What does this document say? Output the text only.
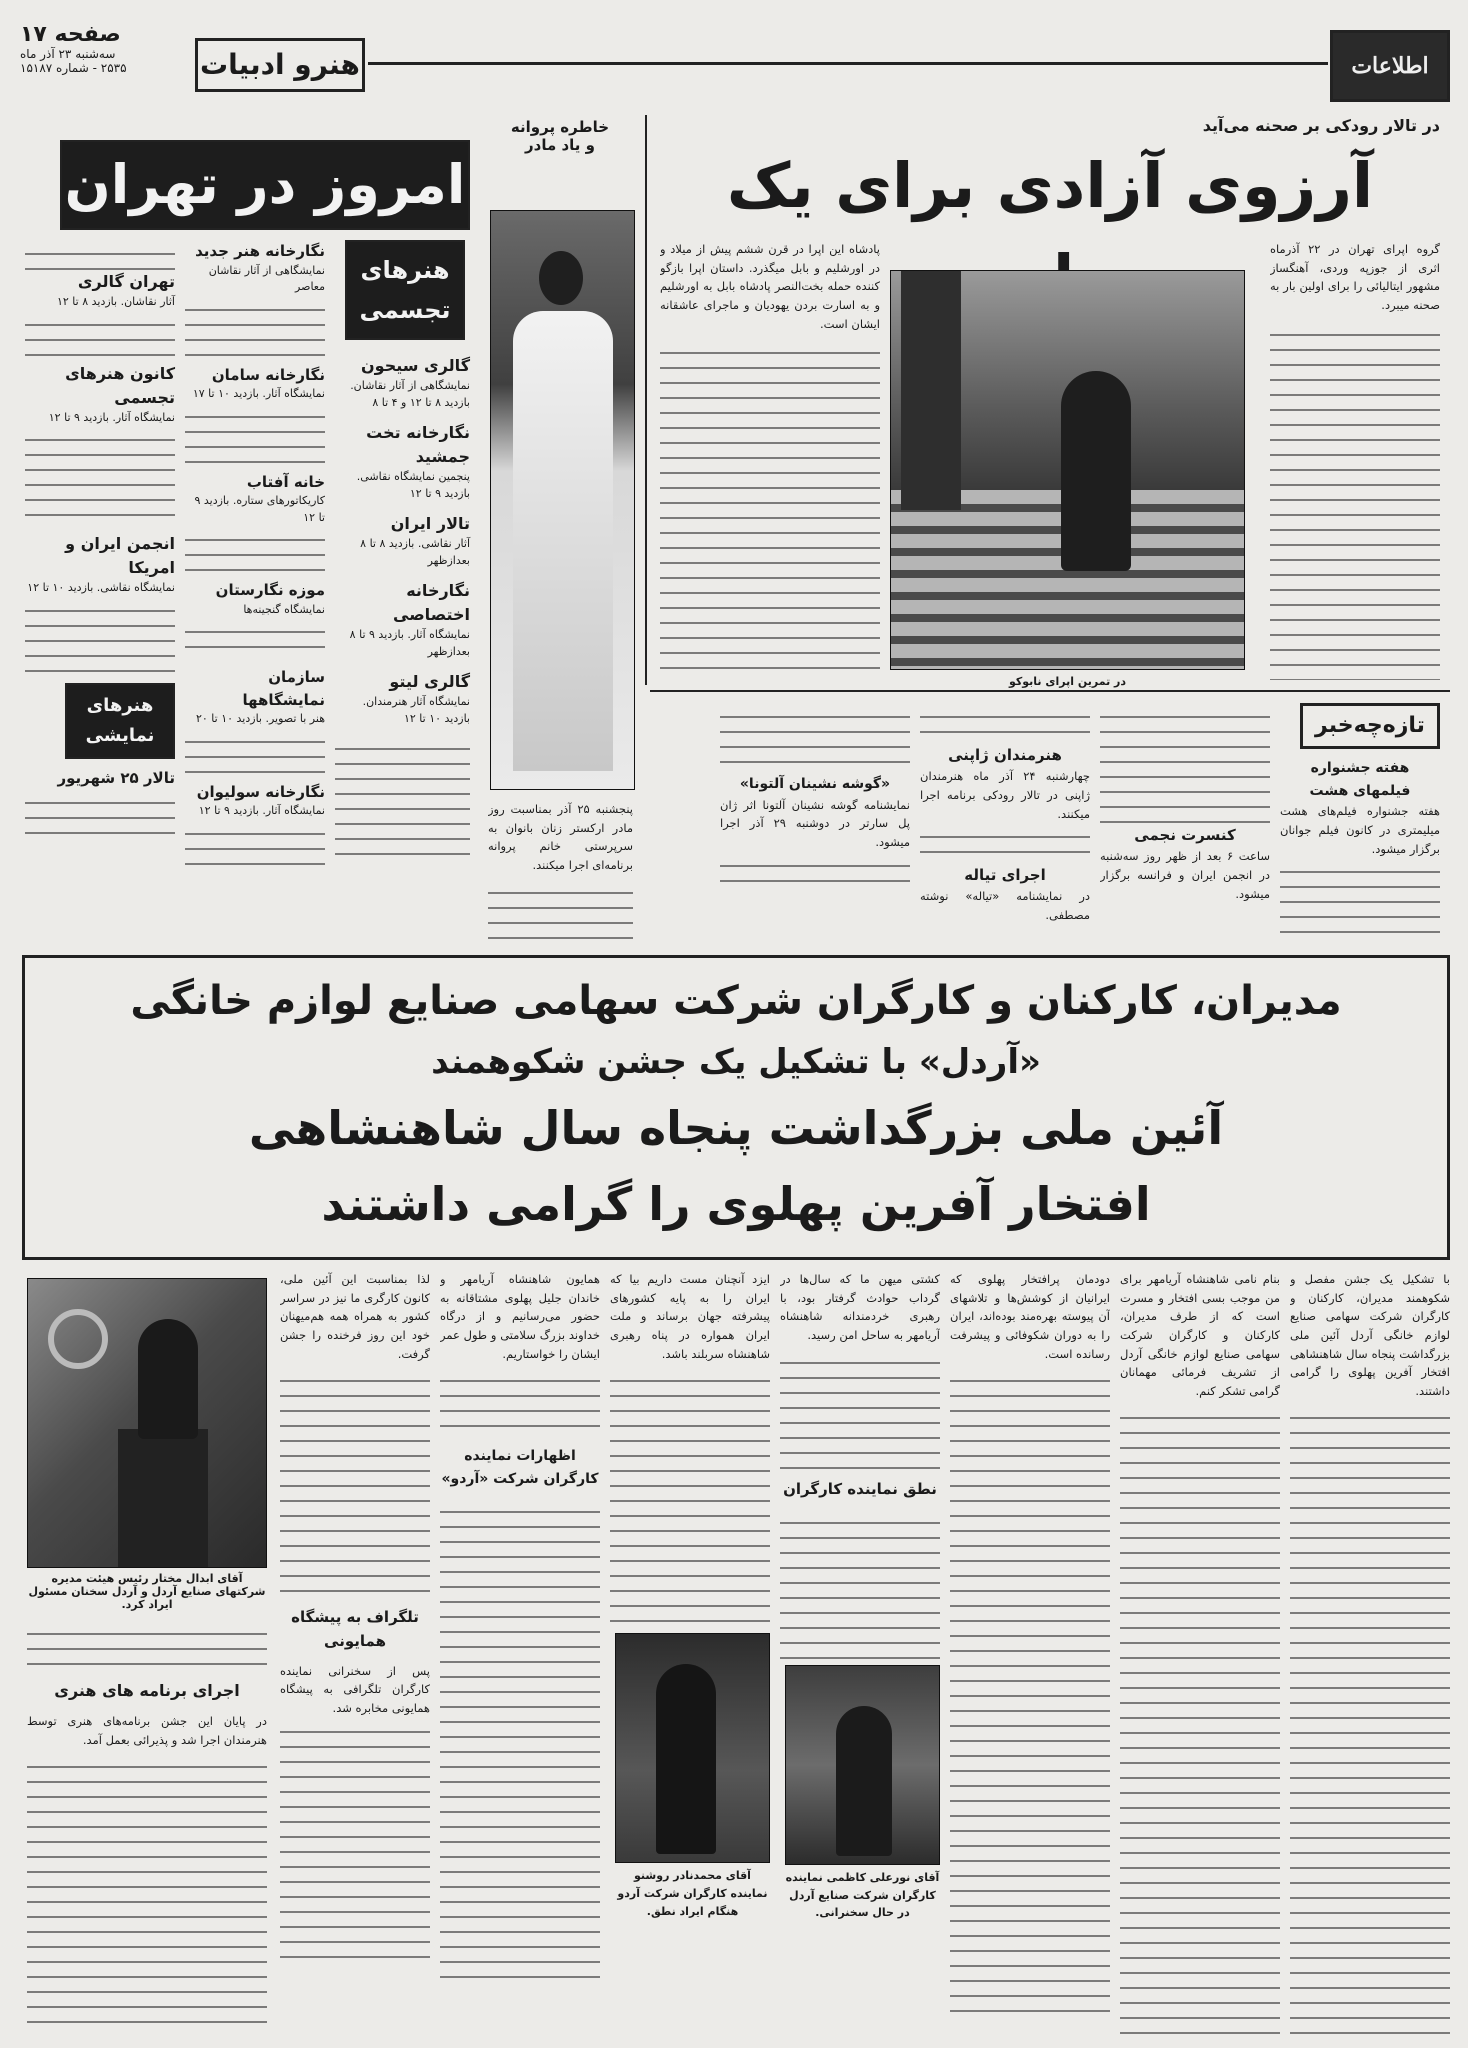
صفحه ۱۷
سه‌شنبه ۲۳ آذر ماه
۲۵۳۵ - شماره ۱۵۱۸۷	هنرو ادبیات	اطلاعات
در تالار رودکی بر صحنه می‌آید
آرزوی آزادی برای یک
گروه اپرای تهران در ۲۲ آذرماه اثری از جوزپه وردی، آهنگساز مشهور ایتالیائی را برای اولین بار به صحنه میبرد.
در تمرین اپرای نابوکو
پادشاه این اپرا در قرن ششم پیش از میلاد و در اورشلیم و بابل میگذرد. داستان اپرا بازگو کننده حمله بخت‌النصر پادشاه بابل به اورشلیم و به اسارت بردن یهودیان و ماجرای عاشقانه ایشان است.
خاطره پروانه
و یاد مادر
پنجشنبه ۲۵ آذر بمناسبت روز مادر ارکستر زنان بانوان به سرپرستی خانم پروانه برنامه‌ای اجرا میکنند.
امروز در تهران
هنرهای تجسمی
گالری سیحون
نمایشگاهی از آثار نقاشان. بازدید ۸ تا ۱۲ و ۴ تا ۸
نگارخانه تخت جمشید
پنجمین نمایشگاه نقاشی. بازدید ۹ تا ۱۲
تالار ایران
آثار نقاشی. بازدید ۸ تا ۸ بعدازظهر
نگارخانه اختصاصی
نمایشگاه آثار. بازدید ۹ تا ۸ بعدازظهر
گالری لیتو
نمایشگاه آثار هنرمندان. بازدید ۱۰ تا ۱۲
نگارخانه هنر جدید
نمایشگاهی از آثار نقاشان معاصر
نگارخانه سامان
نمایشگاه آثار. بازدید ۱۰ تا ۱۷
خانه آفتاب
کاریکاتورهای ستاره. بازدید ۹ تا ۱۲
موزه نگارستان
نمایشگاه گنجینه‌ها
سازمان نمایشگاهها
هنر با تصویر. بازدید ۱۰ تا ۲۰
نگارخانه سولیوان
نمایشگاه آثار. بازدید ۹ تا ۱۲
تهران گالری
آثار نقاشان. بازدید ۸ تا ۱۲
کانون هنرهای تجسمی
نمایشگاه آثار. بازدید ۹ تا ۱۲
انجمن ایران و امریکا
نمایشگاه نقاشی. بازدید ۱۰ تا ۱۲
هنرهای نمایشی
تالار ۲۵ شهریور
تازه‌چه‌خبر
هفته جشنواره فیلمهای هشت
هفته جشنواره فیلم‌های هشت میلیمتری در کانون فیلم جوانان برگزار میشود.
کنسرت نجمی
ساعت ۶ بعد از ظهر روز سه‌شنبه در انجمن ایران و فرانسه برگزار میشود.
هنرمندان ژاپنی
چهارشنبه ۲۴ آذر ماه هنرمندان ژاپنی در تالار رودکی برنامه اجرا میکنند.
اجرای تیاله
در نمایشنامه «تیاله» نوشته مصطفی.
«گوشه نشینان آلتونا»
نمایشنامه گوشه نشینان آلتونا اثر ژان پل سارتر در دوشنبه ۲۹ آذر اجرا میشود.
مدیران، کارکنان و کارگران شرکت سهامی صنایع لوازم خانگی
«آردل» با تشکیل یک جشن شکوهمند
آئین ملی بزرگداشت پنجاه سال شاهنشاهی
افتخار آفرین پهلوی را گرامی داشتند
با تشکیل یک جشن مفصل و شکوهمند مدیران، کارکنان و کارگران شرکت سهامی صنایع لوازم خانگی آردل آئین ملی بزرگداشت پنجاه سال شاهنشاهی افتخار آفرین پهلوی را گرامی داشتند.
بنام نامی شاهنشاه آریامهر برای من موجب بسی افتخار و مسرت است که از طرف مدیران، کارکنان و کارگران شرکت سهامی صنایع لوازم خانگی آردل از تشریف فرمائی مهمانان گرامی تشکر کنم.
دودمان پرافتخار پهلوی که ایرانیان از کوشش‌ها و تلاشهای آن پیوسته بهره‌مند بوده‌اند، ایران را به دوران شکوفائی و پیشرفت رسانده است.
کشتی میهن ما که سال‌ها در گرداب حوادث گرفتار بود، با رهبری خردمندانه شاهنشاه آریامهر به ساحل امن رسید.
نطق نماینده کارگران
آقای نورعلی کاظمی نماینده کارگران شرکت صنایع آردل در حال سخنرانی.
ایزد آنچنان مست داریم بیا که ایران را به پایه کشورهای پیشرفته جهان برساند و ملت ایران همواره در پناه رهبری شاهنشاه سربلند باشد.
آقای محمدنادر روشنو نماینده کارگران شرکت آردو هنگام ایراد نطق.
همایون شاهنشاه آریامهر و خاندان جلیل پهلوی مشتاقانه به حضور می‌رسانیم و از درگاه خداوند بزرگ سلامتی و طول عمر ایشان را خواستاریم.
اظهارات نماینده کارگران شرکت «آردو»
لذا بمناسبت این آئین ملی، کانون کارگری ما نیز در سراسر کشور به همراه همه هم‌میهنان خود این روز فرخنده را جشن گرفت.
تلگراف به پیشگاه همایونی
پس از سخنرانی نماینده کارگران تلگرافی به پیشگاه همایونی مخابره شد.
آقای ابدال مختار رئیس هیئت مدیره شرکتهای صنایع آردل و آردل سخنان مسئول ایراد کرد.
اجرای برنامه های هنری
در پایان این جشن برنامه‌های هنری توسط هنرمندان اجرا شد و پذیرائی بعمل آمد.
